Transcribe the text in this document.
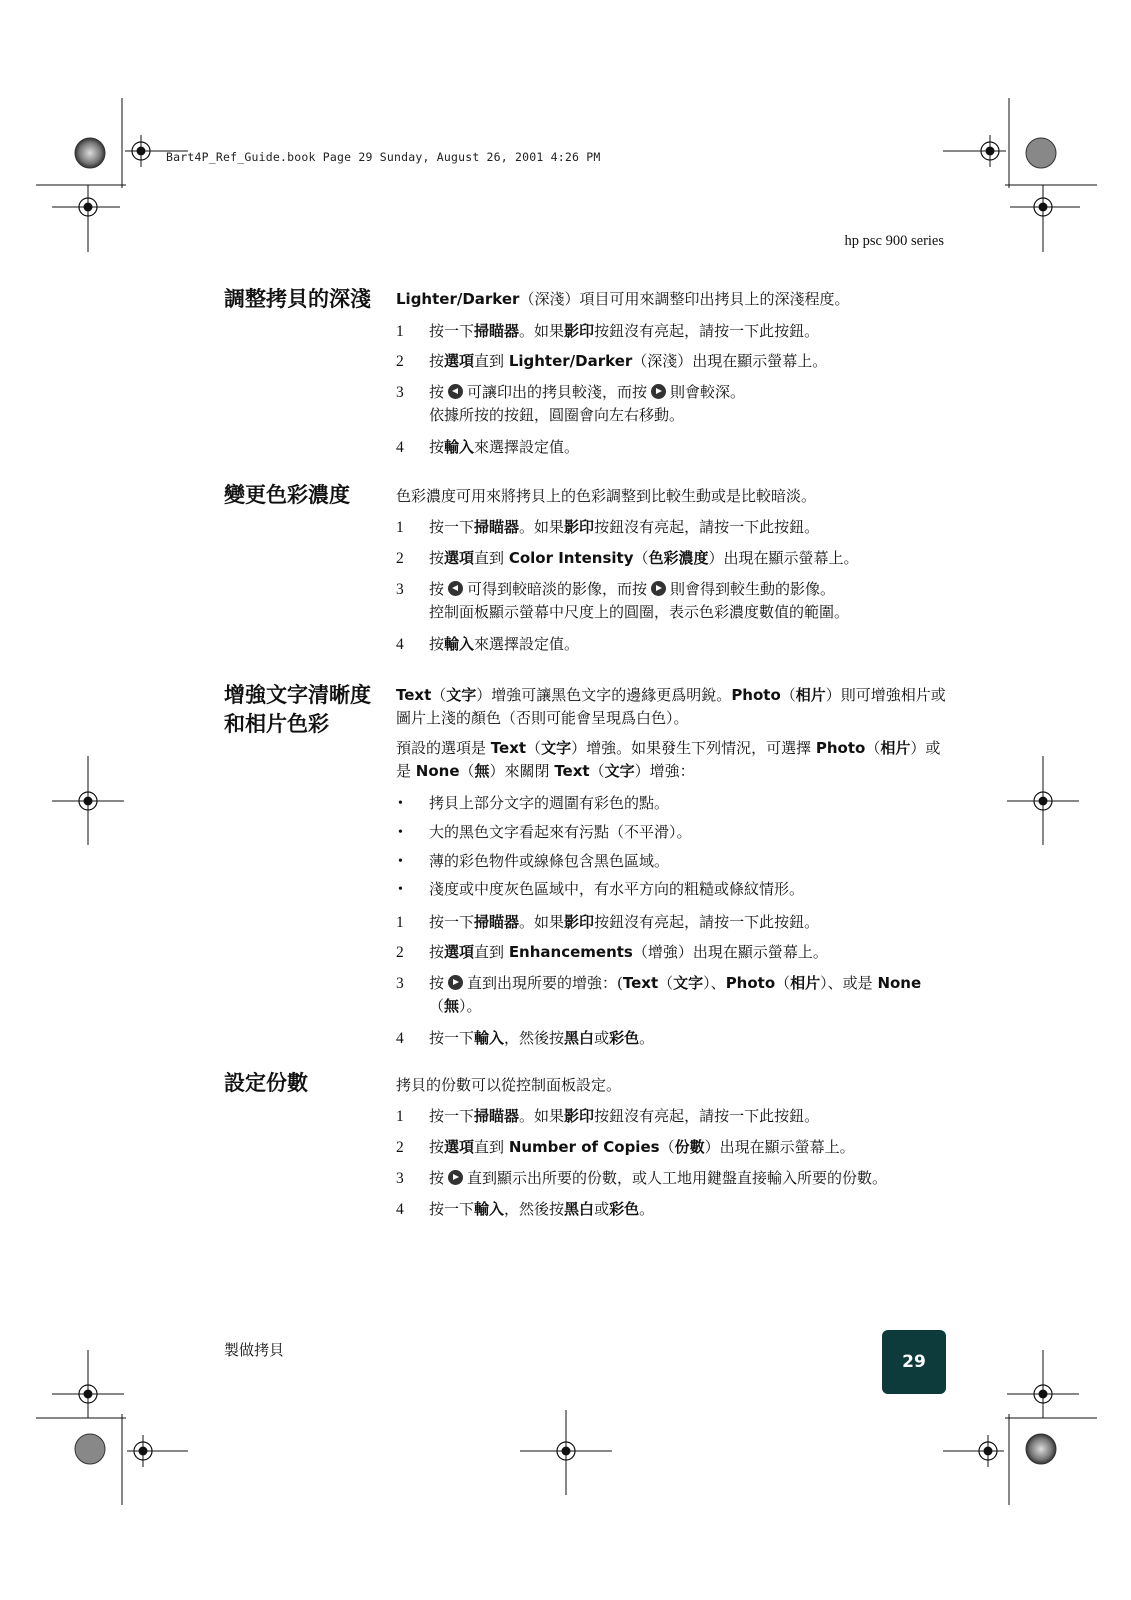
Bart4P_Ref_Guide.book Page 29 Sunday, August 26, 2001 4:26 PM
hp psc 900 series
調整拷貝的深淺 Lighter/Darker（深淺）項目可用來調整印出拷貝上的深淺程度。
1	按一下掃瞄器。如果影印按鈕沒有亮起，請按一下此按鈕。
2	按選項直到 Lighter/Darker（深淺）出現在顯示螢幕上。
3	按 可讓印出的拷貝較淺，而按 則會較深。
依據所按的按鈕，圓圈會向左右移動。
4	按輸入來選擇設定值。
變更色彩濃度	色彩濃度可用來將拷貝上的色彩調整到比較生動或是比較暗淡。
1	按一下掃瞄器。如果影印按鈕沒有亮起，請按一下此按鈕。
2	按選項直到 Color Intensity（色彩濃度）出現在顯示螢幕上。
3	按 可得到較暗淡的影像，而按 則會得到較生動的影像。
控制面板顯示螢幕中尺度上的圓圈，表示色彩濃度數值的範圍。
4	按輸入來選擇設定值。
增強文字清晰度和相片色彩
Text（文字）增強可讓黑色文字的邊緣更爲明銳。Photo（相片）則可增強相片或圖片上淺的顏色（否則可能會呈現爲白色）。
預設的選項是 Text（文字）增強。如果發生下列情況，可選擇 Photo（相片）或是 None（無）來關閉 Text（文字）增強：
•	拷貝上部分文字的週圍有彩色的點。
•	大的黑色文字看起來有污點（不平滑）。
•	薄的彩色物件或線條包含黑色區域。
•	淺度或中度灰色區域中，有水平方向的粗糙或條紋情形。
1	按一下掃瞄器。如果影印按鈕沒有亮起，請按一下此按鈕。
2	按選項直到 Enhancements（增強）出現在顯示螢幕上。
3	按 直到出現所要的增強：(Text（文字）、Photo（相片）、或是 None（無）。
4	按一下輸入，然後按黑白或彩色。
設定份數	拷貝的份數可以從控制面板設定。
1	按一下掃瞄器。如果影印按鈕沒有亮起，請按一下此按鈕。
2	按選項直到 Number of Copies（份數）出現在顯示螢幕上。
3	按 直到顯示出所要的份數，或人工地用鍵盤直接輸入所要的份數。
4	按一下輸入，然後按黑白或彩色。
製做拷貝
29
